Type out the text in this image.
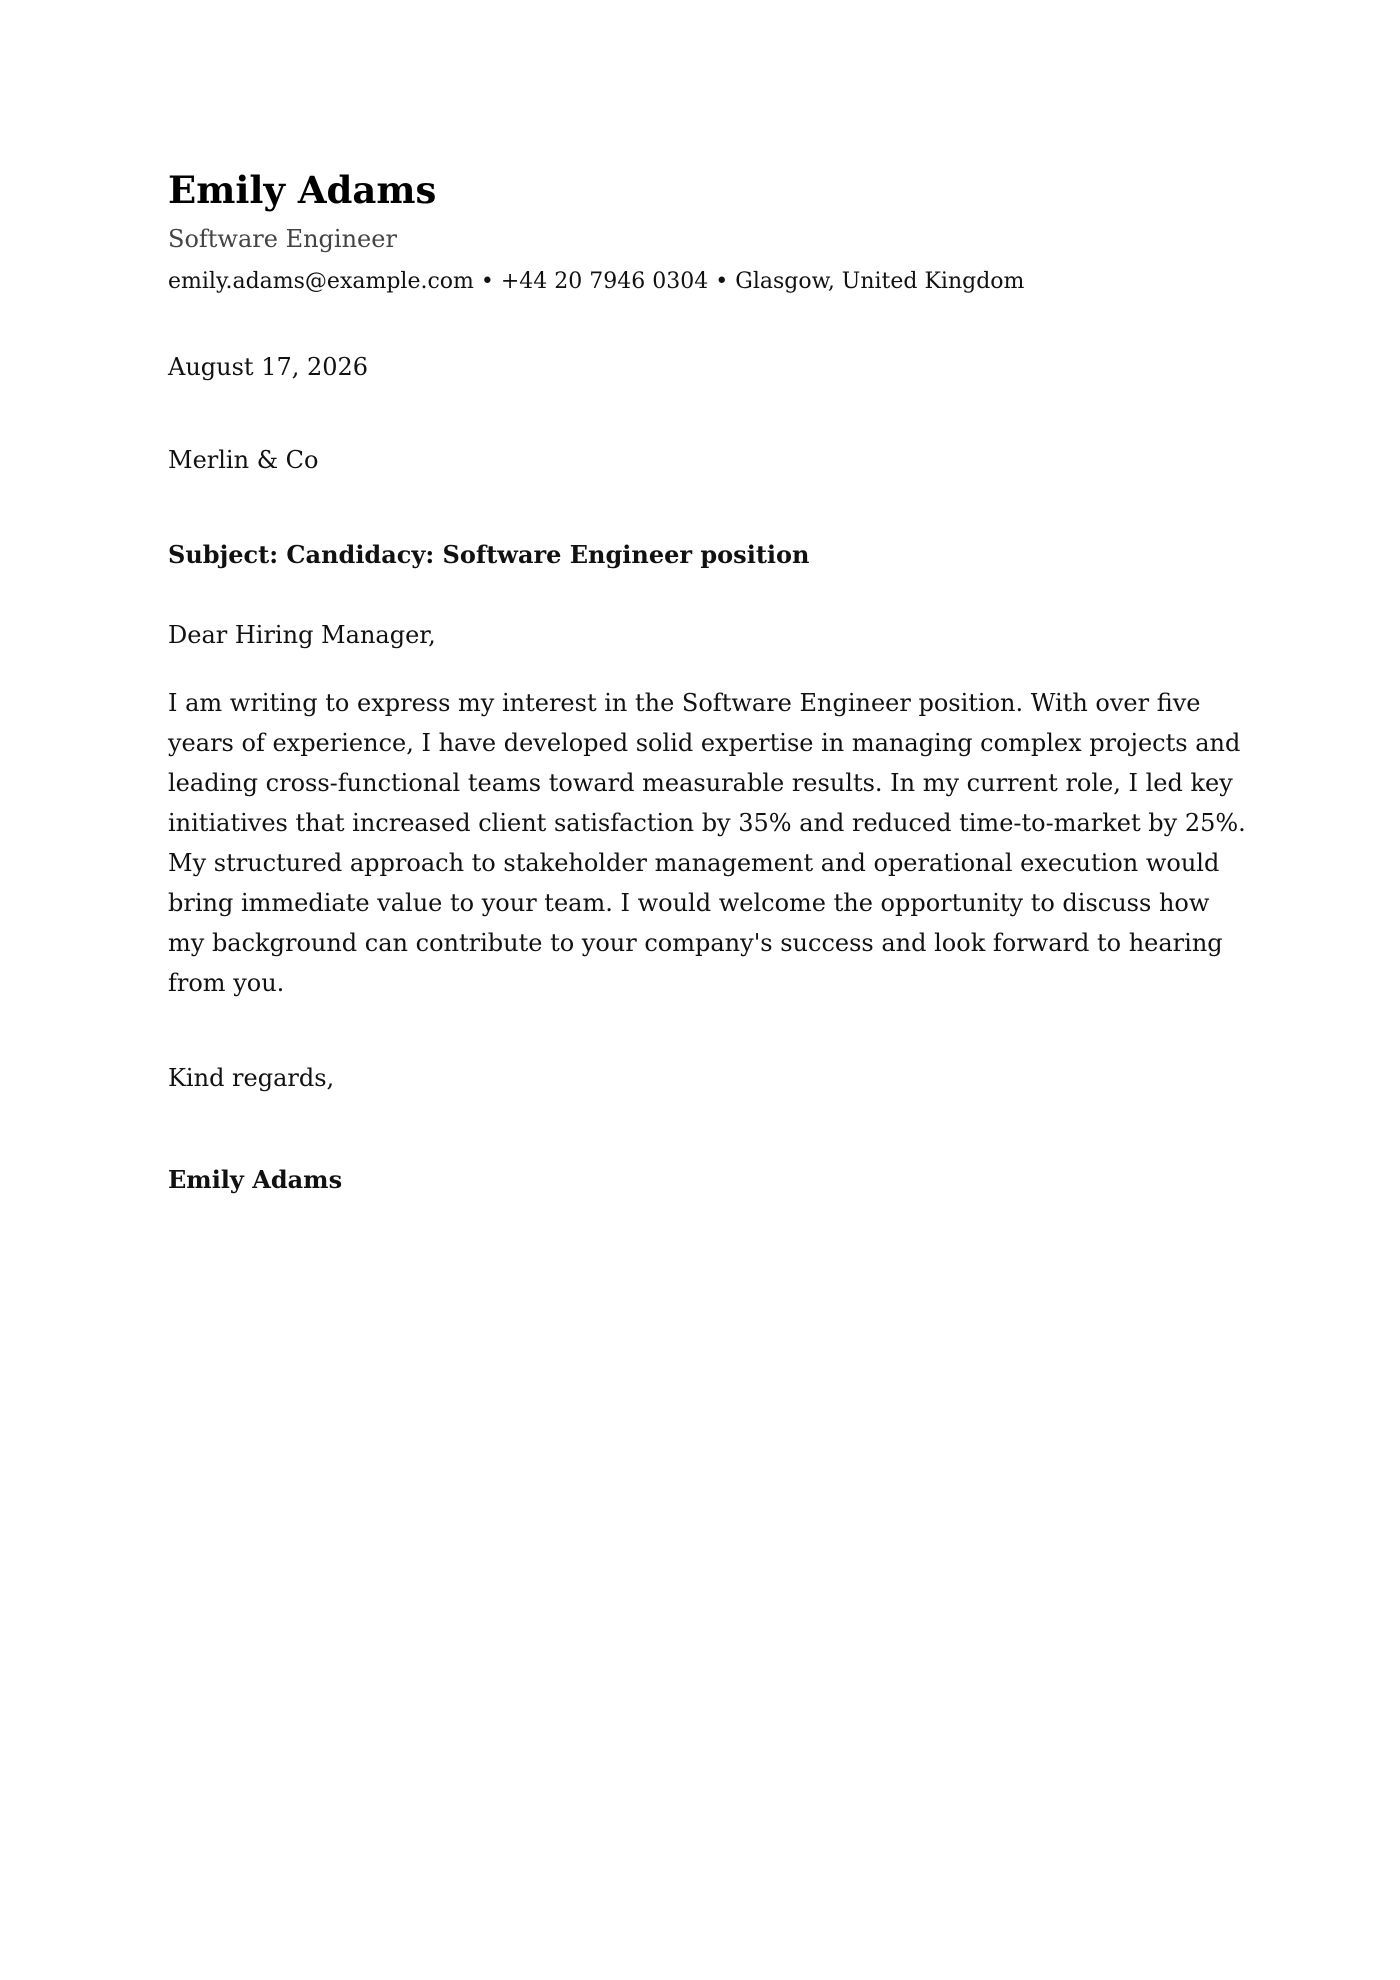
Emily Adams
Software Engineer
emily.adams@example.com • +44 20 7946 0304 • Glasgow, United Kingdom
August 17, 2026
Merlin & Co
Subject: Candidacy: Software Engineer position
Dear Hiring Manager,
I am writing to express my interest in the Software Engineer position. With over five years of experience, I have developed solid expertise in managing complex projects and leading cross-functional teams toward measurable results. In my current role, I led key initiatives that increased client satisfaction by 35% and reduced time-to-market by 25%. My structured approach to stakeholder management and operational execution would bring immediate value to your team. I would welcome the opportunity to discuss how my background can contribute to your company's success and look forward to hearing from you.
Kind regards,
Emily Adams
